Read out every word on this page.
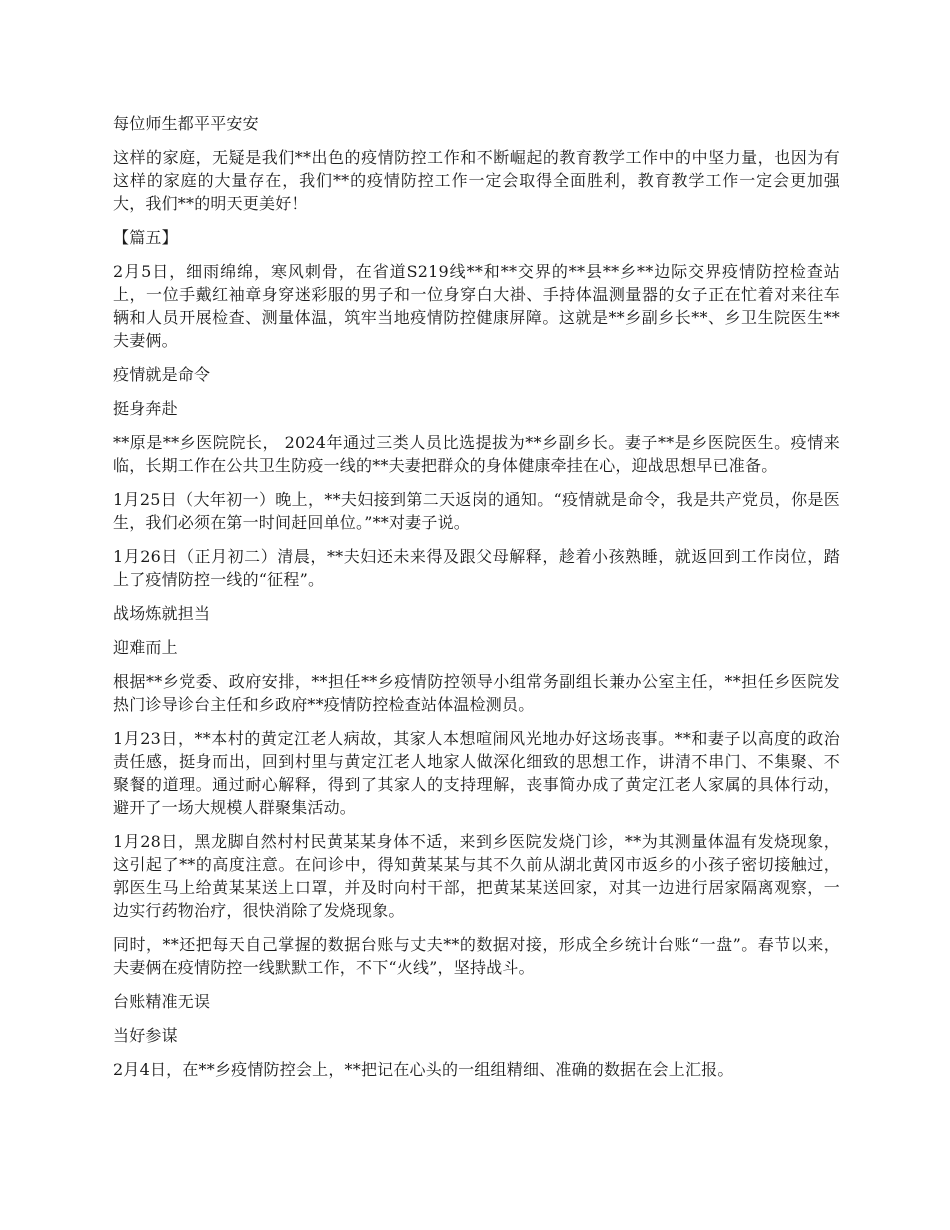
每位师生都平平安安

这样的家庭，无疑是我们**出色的疫情防控工作和不断崛起的教育教学工作中的中坚力量，也因为有这样的家庭的大量存在，我们**的疫情防控工作一定会取得全面胜利，教育教学工作一定会更加强大，我们**的明天更美好！

【篇五】

2月5日，细雨绵绵，寒风刺骨，在省道S219线**和**交界的**县**乡**边际交界疫情防控检查站上，一位手戴红袖章身穿迷彩服的男子和一位身穿白大褂、手持体温测量器的女子正在忙着对来往车辆和人员开展检查、测量体温，筑牢当地疫情防控健康屏障。这就是**乡副乡长**、乡卫生院医生**夫妻俩。

疫情就是命令

挺身奔赴

**原是**乡医院院长， 2024年通过三类人员比选提拔为**乡副乡长。妻子**是乡医院医生。疫情来临，长期工作在公共卫生防疫一线的**夫妻把群众的身体健康牵挂在心，迎战思想早已准备。

1月25日（大年初一）晚上，**夫妇接到第二天返岗的通知。“疫情就是命令，我是共产党员，你是医生，我们必须在第一时间赶回单位。”**对妻子说。

1月26日（正月初二）清晨，**夫妇还未来得及跟父母解释，趁着小孩熟睡，就返回到工作岗位，踏上了疫情防控一线的“征程”。

战场炼就担当

迎难而上

根据**乡党委、政府安排，**担任**乡疫情防控领导小组常务副组长兼办公室主任，**担任乡医院发热门诊导诊台主任和乡政府**疫情防控检查站体温检测员。

1月23日，**本村的黄定江老人病故，其家人本想喧闹风光地办好这场丧事。**和妻子以高度的政治责任感，挺身而出，回到村里与黄定江老人地家人做深化细致的思想工作，讲清不串门、不集聚、不聚餐的道理。通过耐心解释，得到了其家人的支持理解，丧事简办成了黄定江老人家属的具体行动，避开了一场大规模人群聚集活动。

1月28日，黑龙脚自然村村民黄某某身体不适，来到乡医院发烧门诊，**为其测量体温有发烧现象，这引起了**的高度注意。在问诊中，得知黄某某与其不久前从湖北黄冈市返乡的小孩子密切接触过，郭医生马上给黄某某送上口罩，并及时向村干部，把黄某某送回家，对其一边进行居家隔离观察，一边实行药物治疗，很快消除了发烧现象。

同时，**还把每天自己掌握的数据台账与丈夫**的数据对接，形成全乡统计台账“一盘”。春节以来，夫妻俩在疫情防控一线默默工作，不下“火线”，坚持战斗。

台账精准无误

当好参谋

2月4日，在**乡疫情防控会上，**把记在心头的一组组精细、准确的数据在会上汇报。
